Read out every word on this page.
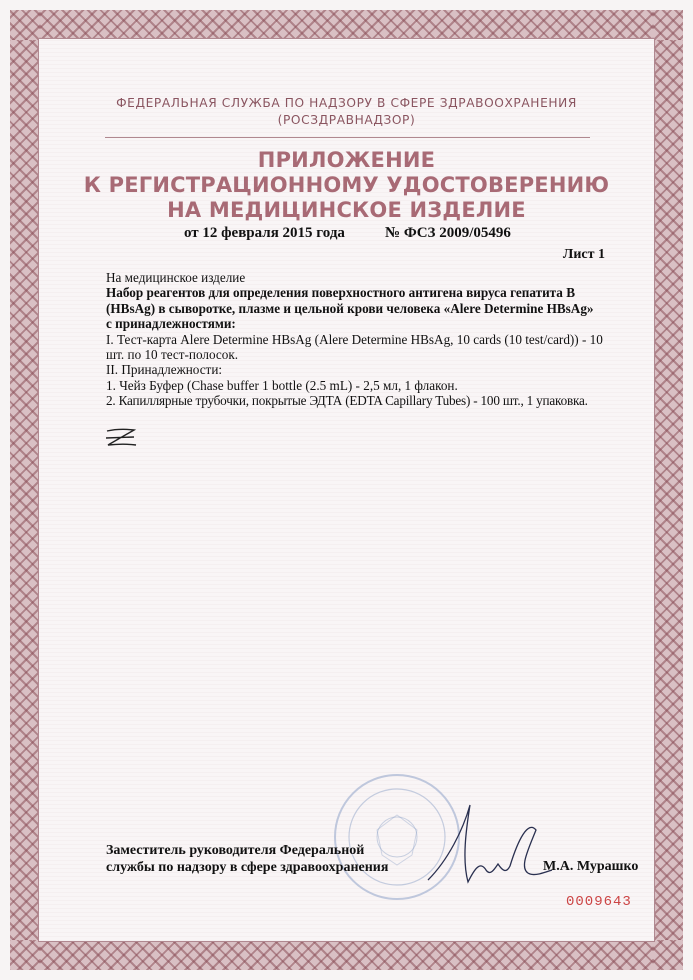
ФЕДЕРАЛЬНАЯ СЛУЖБА ПО НАДЗОРУ В СФЕРЕ ЗДРАВООХРАНЕНИЯ
(РОСЗДРАВНАДЗОР)
ПРИЛОЖЕНИЕ
К РЕГИСТРАЦИОННОМУ УДОСТОВЕРЕНИЮ
НА МЕДИЦИНСКОЕ ИЗДЕЛИЕ
от 12 февраля 2015 года	№ ФСЗ 2009/05496
Лист 1
На медицинское изделие
Набор реагентов для определения поверхностного антигена вируса гепатита В
(HBsAg) в сыворотке, плазме и цельной крови человека «Alere Determine HBsAg»
с принадлежностями:
I. Тест-карта Alere Determine HBsAg (Alere Determine HBsAg, 10 cards (10 test/card)) - 10
шт. по 10 тест-полосок.
II. Принадлежности:
1. Чейз Буфер (Chase buffer 1 bottle (2.5 mL) - 2,5 мл, 1 флакон.
2. Капиллярные трубочки, покрытые ЭДТА (EDTA Capillary Tubes) - 100 шт., 1 упаковка.
Заместитель руководителя Федеральной
службы по надзору в сфере здравоохранения	М.А. Мурашко
0009643
